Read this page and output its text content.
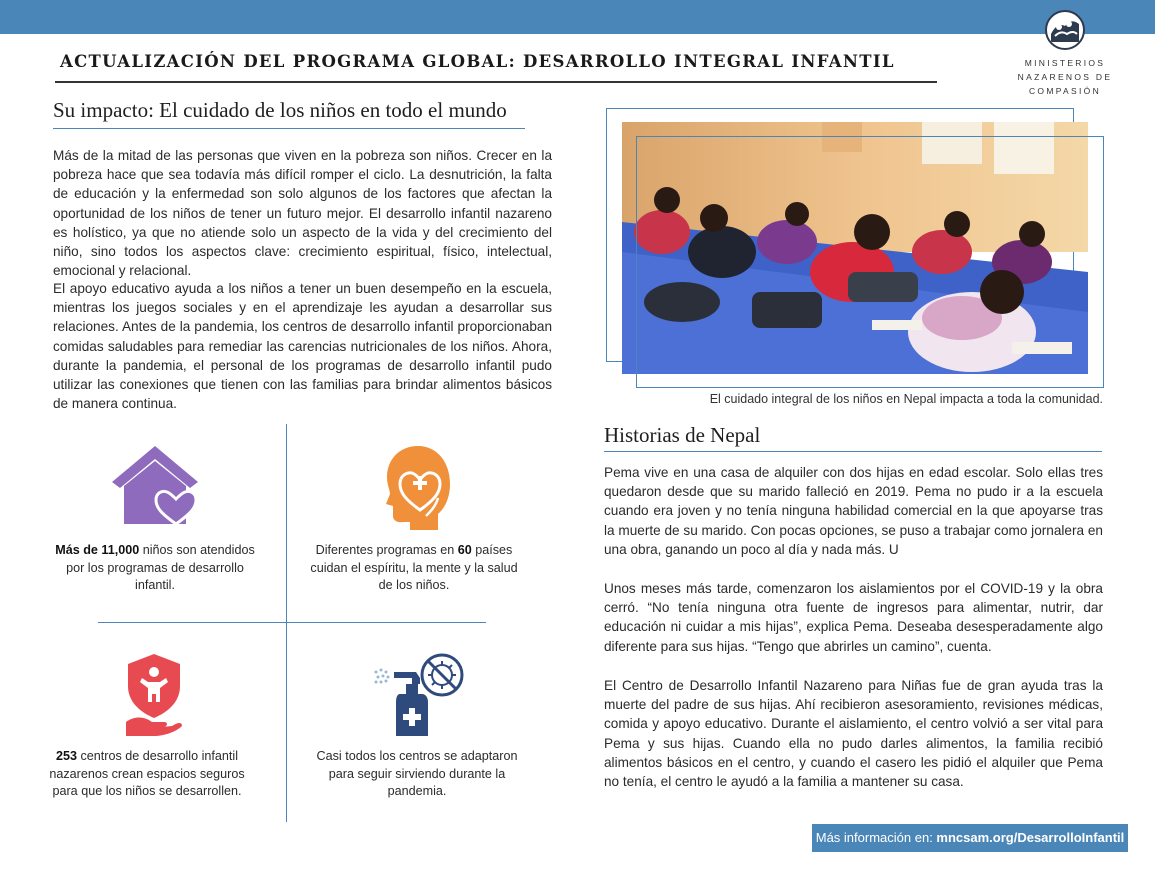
MINISTERIOS
NAZARENOS DE
COMPASIÓN
ACTUALIZACIÓN DEL PROGRAMA GLOBAL: DESARROLLO INTEGRAL INFANTIL
Su impacto: El cuidado de los niños en todo el mundo

Más de la mitad de las personas que viven en la pobreza son niños. Crecer en la pobreza hace que sea todavía más difícil romper el ciclo. La desnutrición, la falta de educación y la enfermedad son solo algunos de los factores que afectan la oportunidad de los niños de tener un futuro mejor. El desarrollo infantil nazareno es holístico, ya que no atiende solo un aspecto de la vida y del crecimiento del niño, sino todos los aspectos clave: crecimiento espiritual, físico, intelectual, emocional y relacional.

El apoyo educativo ayuda a los niños a tener un buen desempeño en la escuela, mientras los juegos sociales y en el aprendizaje les ayudan a desarrollar sus relaciones. Antes de la pandemia, los centros de desarrollo infantil proporcionaban comidas saludables para remediar las carencias nutricionales de los niños. Ahora, durante la pandemia, el personal de los programas de desarrollo infantil pudo utilizar las conexiones que tienen con las familias para brindar alimentos básicos de manera continua.

Más de 11,000 niños son atendidos por los programas de desarrollo infantil.
Diferentes programas en 60 países cuidan el espíritu, la mente y la salud de los niños.
253 centros de desarrollo infantil nazarenos crean espacios seguros para que los niños se desarrollen.
Casi todos los centros se adaptaron para seguir sirviendo durante la pandemia.
El cuidado integral de los niños en Nepal impacta a toda la comunidad.
Historias de Nepal

Pema vive en una casa de alquiler con dos hijas en edad escolar. Solo ellas tres quedaron desde que su marido falleció en 2019. Pema no pudo ir a la escuela cuando era joven y no tenía ninguna habilidad comercial en la que apoyarse tras la muerte de su marido. Con pocas opciones, se puso a trabajar como jornalera en una obra, ganando un poco al día y nada más. U

Unos meses más tarde, comenzaron los aislamientos por el COVID-19 y la obra cerró. “No tenía ninguna otra fuente de ingresos para alimentar, nutrir, dar educación ni cuidar a mis hijas”, explica Pema. Deseaba desesperadamente algo diferente para sus hijas. “Tengo que abrirles un camino”, cuenta.

El Centro de Desarrollo Infantil Nazareno para Niñas fue de gran ayuda tras la muerte del padre de sus hijas. Ahí recibieron asesoramiento, revisiones médicas, comida y apoyo educativo. Durante el aislamiento, el centro volvió a ser vital para Pema y sus hijas. Cuando ella no pudo darles alimentos, la familia recibió alimentos básicos en el centro, y cuando el casero les pidió el alquiler que Pema no tenía, el centro le ayudó a la familia a mantener su casa.

Más información en: mncsam.org/DesarrolloInfantil
